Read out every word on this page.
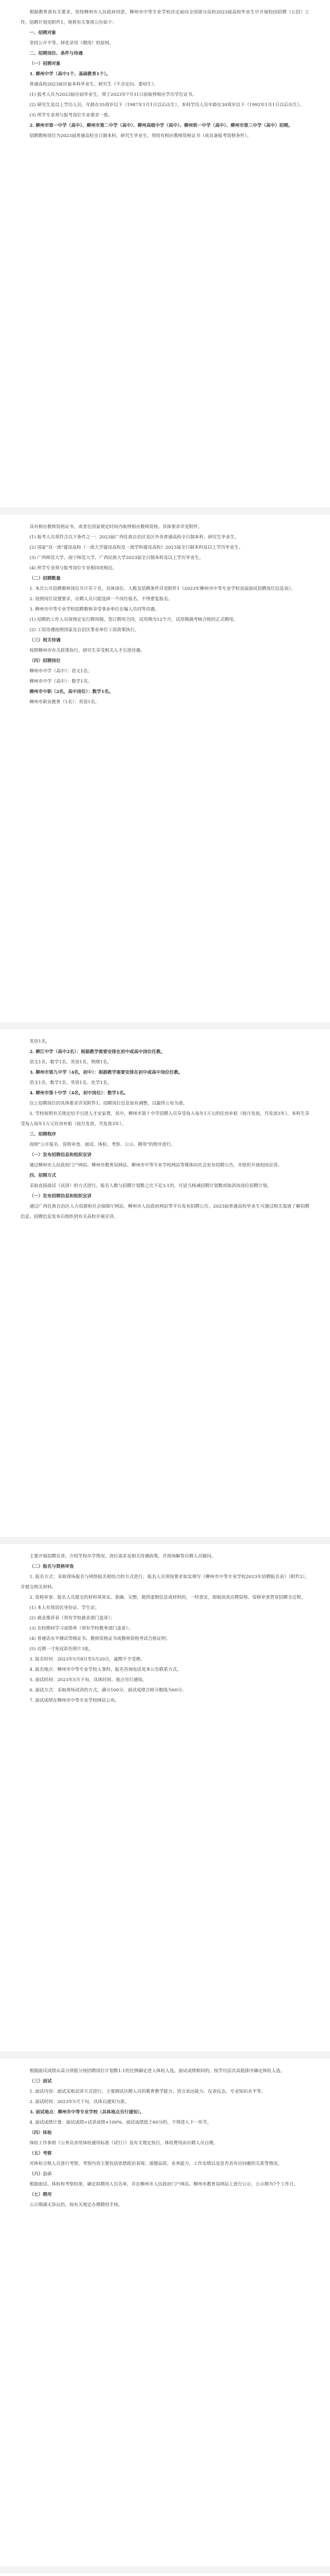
根据教育部有关要求，坚持柳州市人民政府同意，柳州市中等专业学校决定面向全国部分高校2023届高校毕业生中开展校园招聘（公招）工作，招聘计划见附件1。现将有关事项公告如下：

一、招聘对象

坚持公开平等、择优录用（聘用）的原则。

二、招聘岗位、条件与待遇

（一）招聘对象

1. 柳州中学（高中1个、基础教育1个）。

普通高校2023届应届本科毕业生、研究生（不含定向、委培生）。

(1) 报考人员为2023届应届毕业生，须于2023年7月31日前取得相应学历学位证书。

(2) 研究生及以上学历人员，年龄在35周岁以下（1987年1月1日以后出生），本科学历人员年龄在30周岁以下（1992年1月1日以后出生）。

(3) 所学专业须与报考岗位专业要求一致。

2. 柳州市第一中学（高中）、柳州市第二中学（高中）、柳州高级中学（高中）、柳州铁一中学（高中）、柳州市第三中学（高中）招聘。

招聘教师岗位为2023届普通高校全日制本科、研究生毕业生，须持有相应教师资格证书（或具备报考资格条件）。

具有相应教师资格证书，或者在国家规定时间内取得相应教师资格。具体要求详见附件。

(1) 报考人员须符合以下条件之一：2023届广西壮族自治区及区外各普通高校全日制本科、研究生毕业生。

(2) 国家"双一流"建设高校（一流大学建设高校及一流学科建设高校）2023届全日制本科及以上学历毕业生。

(3) 广西师范大学、南宁师范大学、广西民族大学2023届全日制本科及以上学历毕业生。

(4) 所学专业须与报考岗位专业相同或相近。

（二）招聘数量

1. 本次公开招聘教师岗位共计若干名，具体岗位、人数及招聘条件详见附件1《2023年柳州市中等专业学校直接面试招聘岗位信息表》。

2. 按照岗位设置要求，应聘人员只能选择一个岗位报名，不得重复报名。

3. 柳州市中等专业学校招聘教师享受事业单位在编人员同等待遇。

(1) 招聘的工作人员按规定实行聘用制，签订聘用合同，试用期为12个月，试用期满考核合格的正式聘用。

(2) 工资待遇按照国家及自治区事业单位工资政策执行。

（三）相关待遇

按照柳州市有关政策执行，研究生享受相关人才引进待遇。

（四）招聘岗位

柳州市中学（高中）：语文1名。

柳州市中学（高中）：数学1名。

柳州市中职（2名，高中岗位）：数学1名。

柳州市职业教育（1名）：英语1名。

英语1名。

2. 柳江中学（高中2名）：根据教学需要安排在初中或高中岗位任教。

语文1名、数学1名、英语1名、物理1名。

3. 柳州市第九中学（4名，初中）：根据教学需要安排在初中或高中岗位任教。

语文1名、数学1名、英语1名、化学1名。

4. 柳州市第十中学（4名，初中岗位）：数学1名。

以上招聘岗位的具体要求详见附件1。招聘岗位信息如有调整，以最终公布为准。

5. 学校按照有关规定给予引进人才安家费，其中，柳州市第十中学招聘人员享受每人每年1万元的住房补贴（按月发放，共发放3年），本科生享受每人每年1万元住房补贴（按月发放，共发放3年）。

三、招聘程序

按照"公开报名、资格审查、面试、体检、考察、公示、聘用"的程序进行。

（一）发布招聘信息和组织宣讲

通过柳州市人民政府门户网站、柳州市教育局网站、柳州市中等专业学校网站等媒体向社会发布招聘公告，并组织开展校园宣讲。

四、招聘方式

采取直接面试（试讲）的方式进行。报名人数与招聘计划数之比不足3:1的，可适当核减招聘计划数或取消该岗位招聘计划。

（一）发布招聘信息和组织宣讲

通过广西壮族自治区人力资源和社会保障厅网站、柳州市人民政府网站等平台发布招聘公告，2023届普通高校毕业生可通过相关渠道了解招聘信息，招聘信息发布后组织到有关高校开展宣讲。

主要开展招聘宣讲，介绍学校办学情况、岗位需求及相关待遇政策，并现场解答应聘人员疑问。

（二）报名与资格审查

1. 报名方式：采取现场报名与网络报名相结合的方式进行，报名人员须按要求如实填写《柳州市中等专业学校2023年招聘报名表》（附件2），并提交相关材料。

2. 资格审查：报名人员提交的材料须真实、准确、完整，提供虚假信息或材料的，一经查实，即取消其应聘资格。资格审查贯穿招聘全过程。

(1) 本人有效居民身份证、学生证；

(2) 就业推荐表（须有学校就业部门盖章）；

(3) 在校期间学习成绩单（须有学校教务部门盖章）；

(4) 普通话水平测试等级证书、教师资格证书或教师资格考试合格证明；

(5) 近期一寸免冠彩色照片3张。

3. 报名时间：2023年5月8日至5月20日，逾期不予受理。

4. 报名地点：柳州市中等专业学校人事科，报名咨询电话见本公告联系方式。

5. 面试时间：2023年5月下旬，具体时间、地点另行通知。

6. 面试方式：采取现场试讲的方式，满分100分，面试成绩合格分数线为60分。

7. 面试成绩在柳州市中等专业学校网站公布。

根据面试成绩从高分到低分按招聘岗位计划数1:1的比例确定进入体检人选。面试成绩相同的，按学历层次高低排序确定体检人选。

（三）面试

1. 面试内容：面试采取试讲方式进行，主要测试应聘人员的教育教学能力、语言表达能力、仪表仪态、专业知识水平等。

2. 面试时间：2023年5月下旬，具体以通知为准。

3. 面试地点：柳州市中等专业学校（具体地点另行通知）。

4. 面试成绩计算：面试成绩=试讲成绩×100%。面试成绩低于60分的，不得进入下一环节。

（四）体检

体检工作参照《公务员录用体检通用标准（试行）》及有关规定执行，体检费用由应聘人员自理。

（五）考察

对体检合格人员进行考察，考察内容主要包括思想政治表现、道德品质、业务能力、工作实绩以及是否具有应回避的关系等情况。

（六）公示

根据面试、体检和考察结果，确定拟聘用人员名单，并在柳州市人民政府门户网站、柳州市教育局网站上进行公示，公示期为7个工作日。

（七）聘用

公示期满无异议的，按有关规定办理聘用手续。
